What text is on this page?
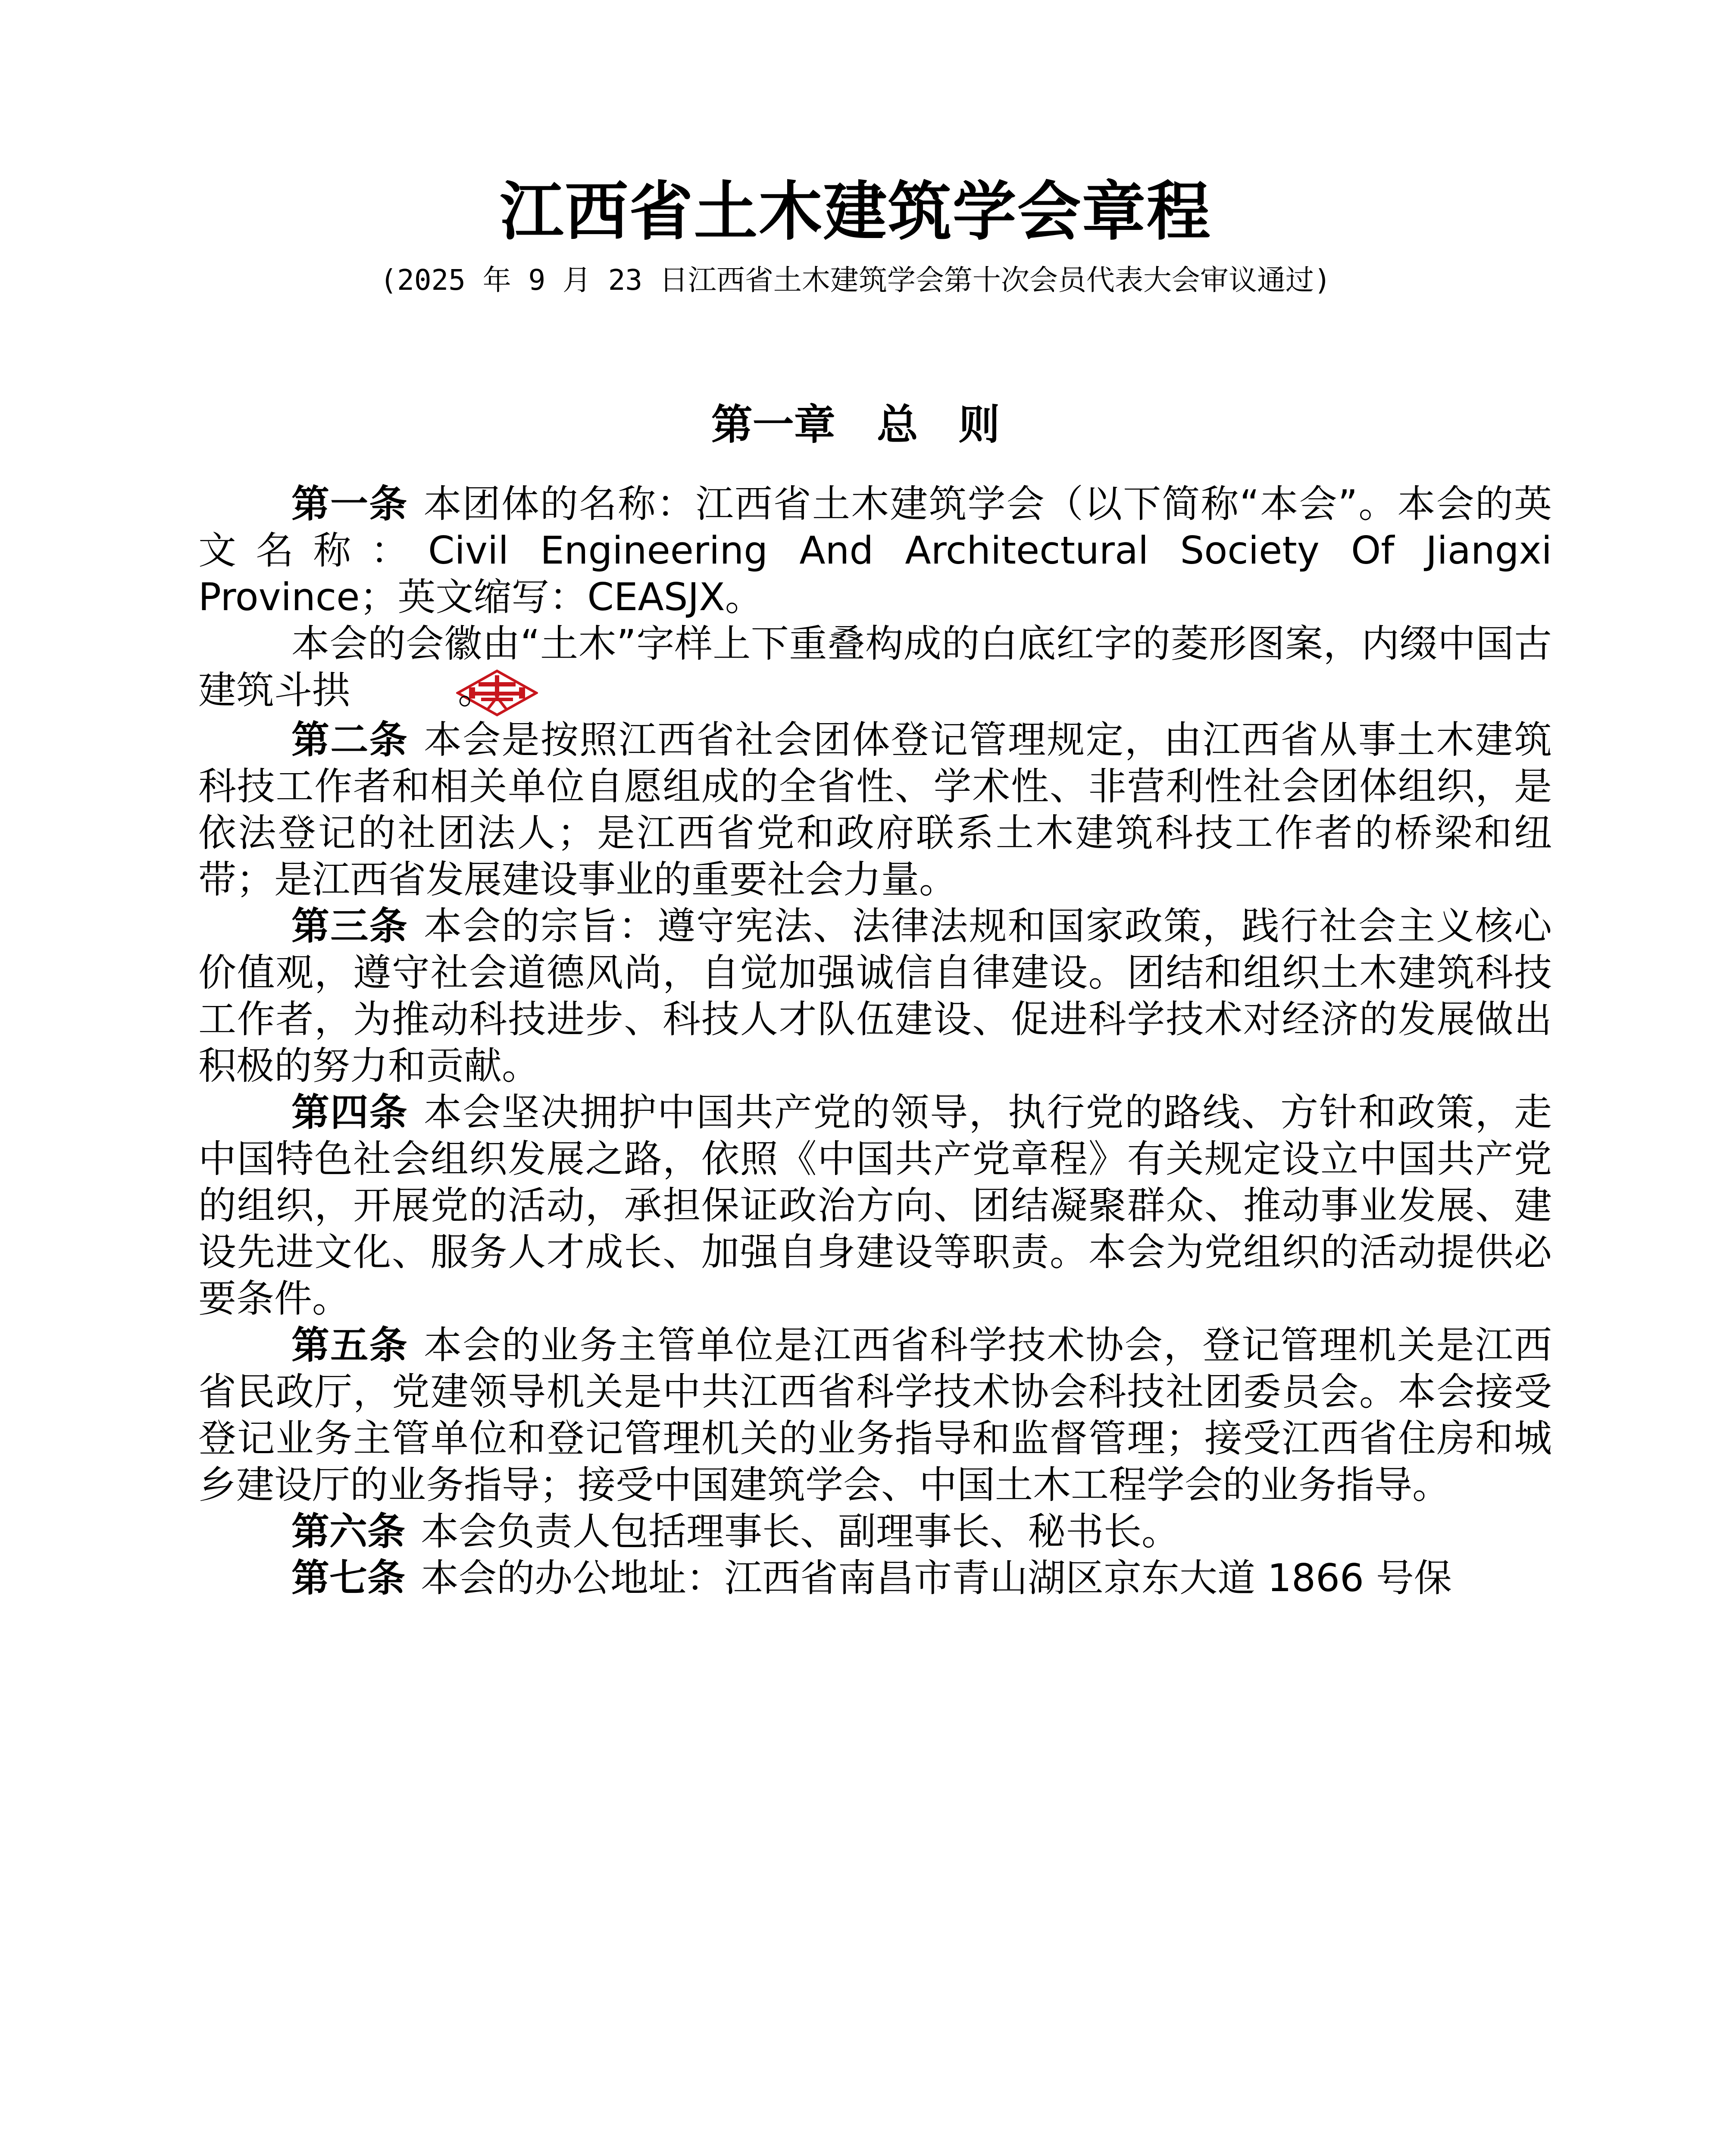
江西省土木建筑学会章程

(2025 年 9 月 23 日江西省土木建筑学会第十次会员代表大会审议通过)

第一章　总 则

第一条 本团体的名称：江西省土木建筑学会（以下简称“本会”。本会的英文名称：Civil Engineering And Architectural Society Of Jiangxi Province；英文缩写：CEASJX。

本会的会徽由“土木”字样上下重叠构成的白底红字的菱形图案，内缀中国古建筑斗拱	。

第二条 本会是按照江西省社会团体登记管理规定，由江西省从事土木建筑科技工作者和相关单位自愿组成的全省性、学术性、非营利性社会团体组织，是依法登记的社团法人；是江西省党和政府联系土木建筑科技工作者的桥梁和纽带；是江西省发展建设事业的重要社会力量。

第三条 本会的宗旨：遵守宪法、法律法规和国家政策，践行社会主义核心价值观，遵守社会道德风尚，自觉加强诚信自律建设。团结和组织土木建筑科技工作者，为推动科技进步、科技人才队伍建设、促进科学技术对经济的发展做出积极的努力和贡献。

第四条 本会坚决拥护中国共产党的领导，执行党的路线、方针和政策，走中国特色社会组织发展之路，依照《中国共产党章程》有关规定设立中国共产党的组织，开展党的活动，承担保证政治方向、团结凝聚群众、推动事业发展、建设先进文化、服务人才成长、加强自身建设等职责。本会为党组织的活动提供必要条件。

第五条 本会的业务主管单位是江西省科学技术协会，登记管理机关是江西省民政厅，党建领导机关是中共江西省科学技术协会科技社团委员会。本会接受登记业务主管单位和登记管理机关的业务指导和监督管理；接受江西省住房和城乡建设厅的业务指导；接受中国建筑学会、中国土木工程学会的业务指导。

第六条 本会负责人包括理事长、副理事长、秘书长。

第七条 本会的办公地址：江西省南昌市青山湖区京东大道 1866 号保
